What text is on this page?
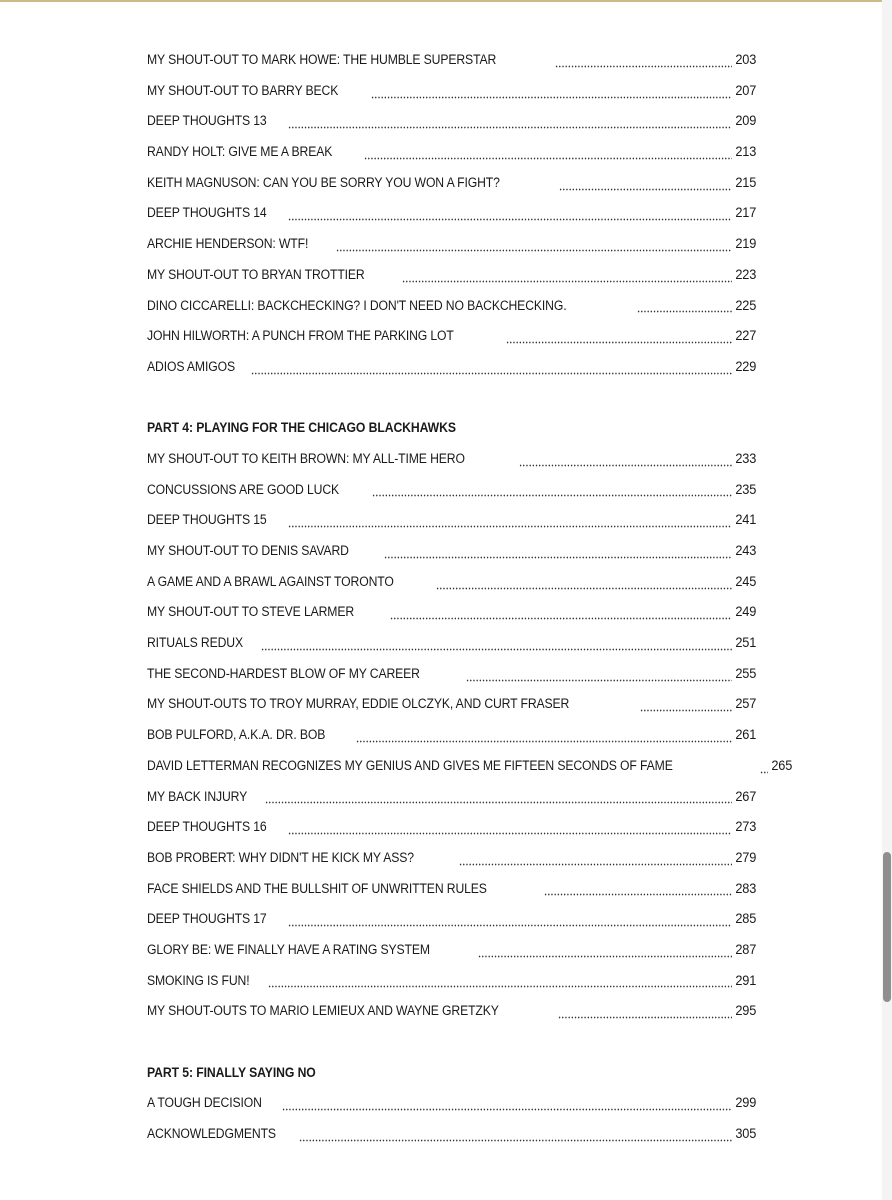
MY SHOUT-OUT TO MARK HOWE: THE HUMBLE SUPERSTAR	203
MY SHOUT-OUT TO BARRY BECK	207
DEEP THOUGHTS 13	209
RANDY HOLT: GIVE ME A BREAK	213
KEITH MAGNUSON: CAN YOU BE SORRY YOU WON A FIGHT?	215
DEEP THOUGHTS 14	217
ARCHIE HENDERSON: WTF!	219
MY SHOUT-OUT TO BRYAN TROTTIER	223
DINO CICCARELLI: BACKCHECKING? I DON'T NEED NO BACKCHECKING.	225
JOHN HILWORTH: A PUNCH FROM THE PARKING LOT	227
ADIOS AMIGOS	229
PART 4: PLAYING FOR THE CHICAGO BLACKHAWKS
MY SHOUT-OUT TO KEITH BROWN: MY ALL-TIME HERO	233
CONCUSSIONS ARE GOOD LUCK	235
DEEP THOUGHTS 15	241
MY SHOUT-OUT TO DENIS SAVARD	243
A GAME AND A BRAWL AGAINST TORONTO	245
MY SHOUT-OUT TO STEVE LARMER	249
RITUALS REDUX	251
THE SECOND-HARDEST BLOW OF MY CAREER	255
MY SHOUT-OUTS TO TROY MURRAY, EDDIE OLCZYK, AND CURT FRASER	257
BOB PULFORD, A.K.A. DR. BOB	261
DAVID LETTERMAN RECOGNIZES MY GENIUS AND GIVES ME FIFTEEN SECONDS OF FAME	265
MY BACK INJURY	267
DEEP THOUGHTS 16	273
BOB PROBERT: WHY DIDN'T HE KICK MY ASS?	279
FACE SHIELDS AND THE BULLSHIT OF UNWRITTEN RULES	283
DEEP THOUGHTS 17	285
GLORY BE: WE FINALLY HAVE A RATING SYSTEM	287
SMOKING IS FUN!	291
MY SHOUT-OUTS TO MARIO LEMIEUX AND WAYNE GRETZKY	295
PART 5: FINALLY SAYING NO
A TOUGH DECISION	299
ACKNOWLEDGMENTS	305
